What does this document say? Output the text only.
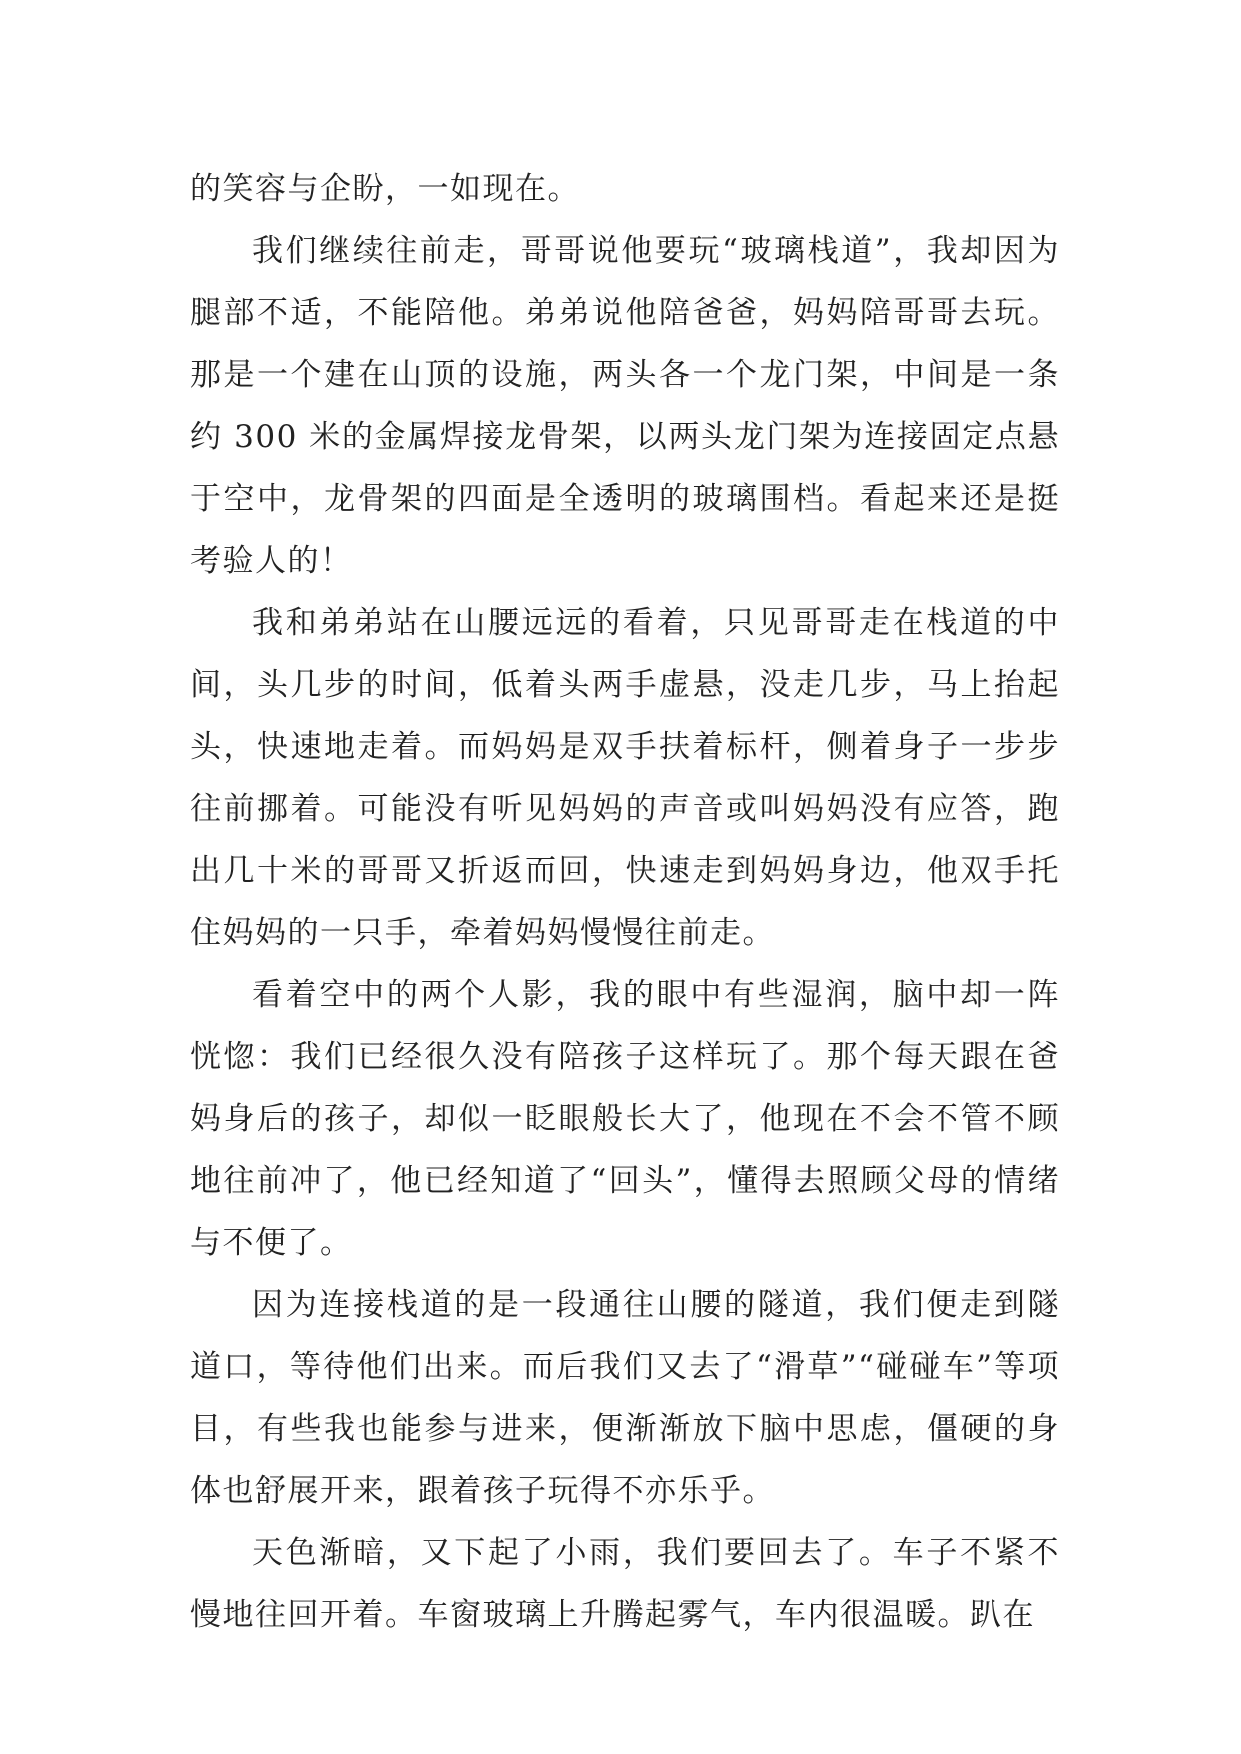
的笑容与企盼，一如现在。

我们继续往前走，哥哥说他要玩“玻璃栈道”，我却因为腿部不适，不能陪他。弟弟说他陪爸爸，妈妈陪哥哥去玩。那是一个建在山顶的设施，两头各一个龙门架，中间是一条约 300 米的金属焊接龙骨架，以两头龙门架为连接固定点悬于空中，龙骨架的四面是全透明的玻璃围档。看起来还是挺考验人的！

我和弟弟站在山腰远远的看着，只见哥哥走在栈道的中间，头几步的时间，低着头两手虚悬，没走几步，马上抬起头，快速地走着。而妈妈是双手扶着标杆，侧着身子一步步往前挪着。可能没有听见妈妈的声音或叫妈妈没有应答，跑出几十米的哥哥又折返而回，快速走到妈妈身边，他双手托住妈妈的一只手，牵着妈妈慢慢往前走。

看着空中的两个人影，我的眼中有些湿润，脑中却一阵恍惚：我们已经很久没有陪孩子这样玩了。那个每天跟在爸妈身后的孩子，却似一眨眼般长大了，他现在不会不管不顾地往前冲了，他已经知道了“回头”，懂得去照顾父母的情绪与不便了。

因为连接栈道的是一段通往山腰的隧道，我们便走到隧道口，等待他们出来。而后我们又去了“滑草”“碰碰车”等项目，有些我也能参与进来，便渐渐放下脑中思虑，僵硬的身体也舒展开来，跟着孩子玩得不亦乐乎。

天色渐暗，又下起了小雨，我们要回去了。车子不紧不慢地往回开着。车窗玻璃上升腾起雾气，车内很温暖。趴在
